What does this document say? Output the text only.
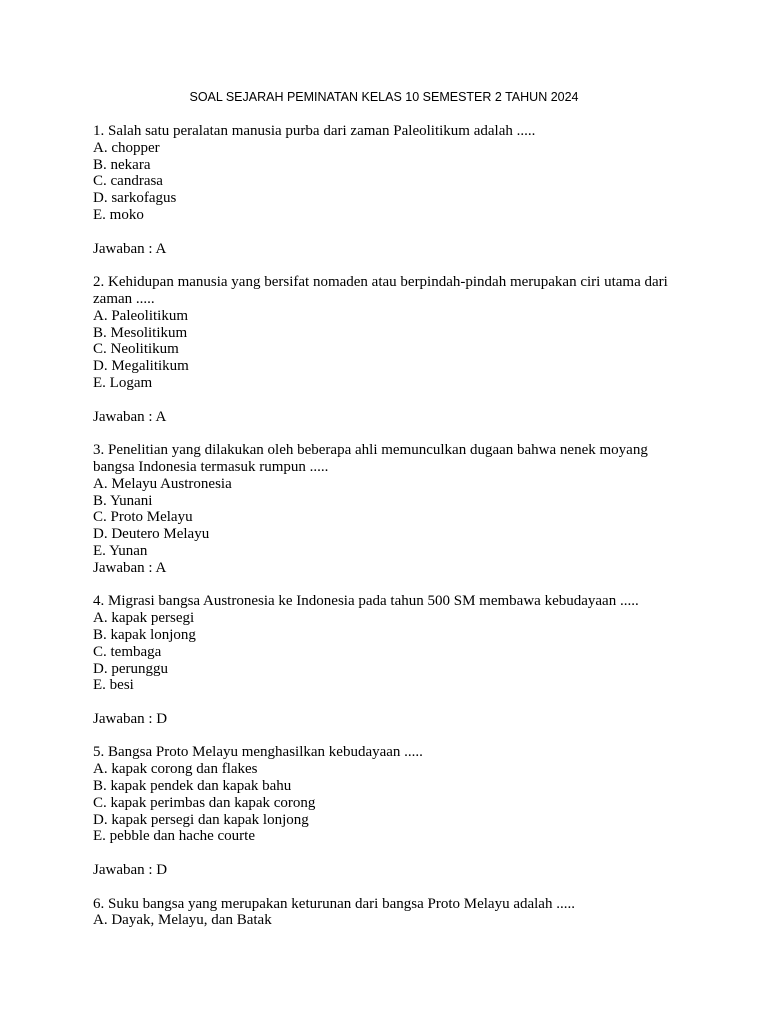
SOAL SEJARAH PEMINATAN KELAS 10 SEMESTER 2 TAHUN 2024

1. Salah satu peralatan manusia purba dari zaman Paleolitikum adalah .....

A. chopper
B. nekara
C. candrasa
D. sarkofagus
E. moko

Jawaban : A

2. Kehidupan manusia yang bersifat nomaden atau berpindah-pindah merupakan ciri utama dari zaman .....

A. Paleolitikum
B. Mesolitikum
C. Neolitikum
D. Megalitikum
E. Logam

Jawaban : A

3. Penelitian yang dilakukan oleh beberapa ahli memunculkan dugaan bahwa nenek moyang bangsa Indonesia termasuk rumpun .....

A. Melayu Austronesia
B. Yunani
C. Proto Melayu
D. Deutero Melayu
E. Yunan

Jawaban : A

4. Migrasi bangsa Austronesia ke Indonesia pada tahun 500 SM membawa kebudayaan .....

A. kapak persegi
B. kapak lonjong
C. tembaga
D. perunggu
E. besi

Jawaban : D

5. Bangsa Proto Melayu menghasilkan kebudayaan .....

A. kapak corong dan flakes
B. kapak pendek dan kapak bahu
C. kapak perimbas dan kapak corong
D. kapak persegi dan kapak lonjong
E. pebble dan hache courte

Jawaban : D

6. Suku bangsa yang merupakan keturunan dari bangsa Proto Melayu adalah .....

A. Dayak, Melayu, dan Batak
